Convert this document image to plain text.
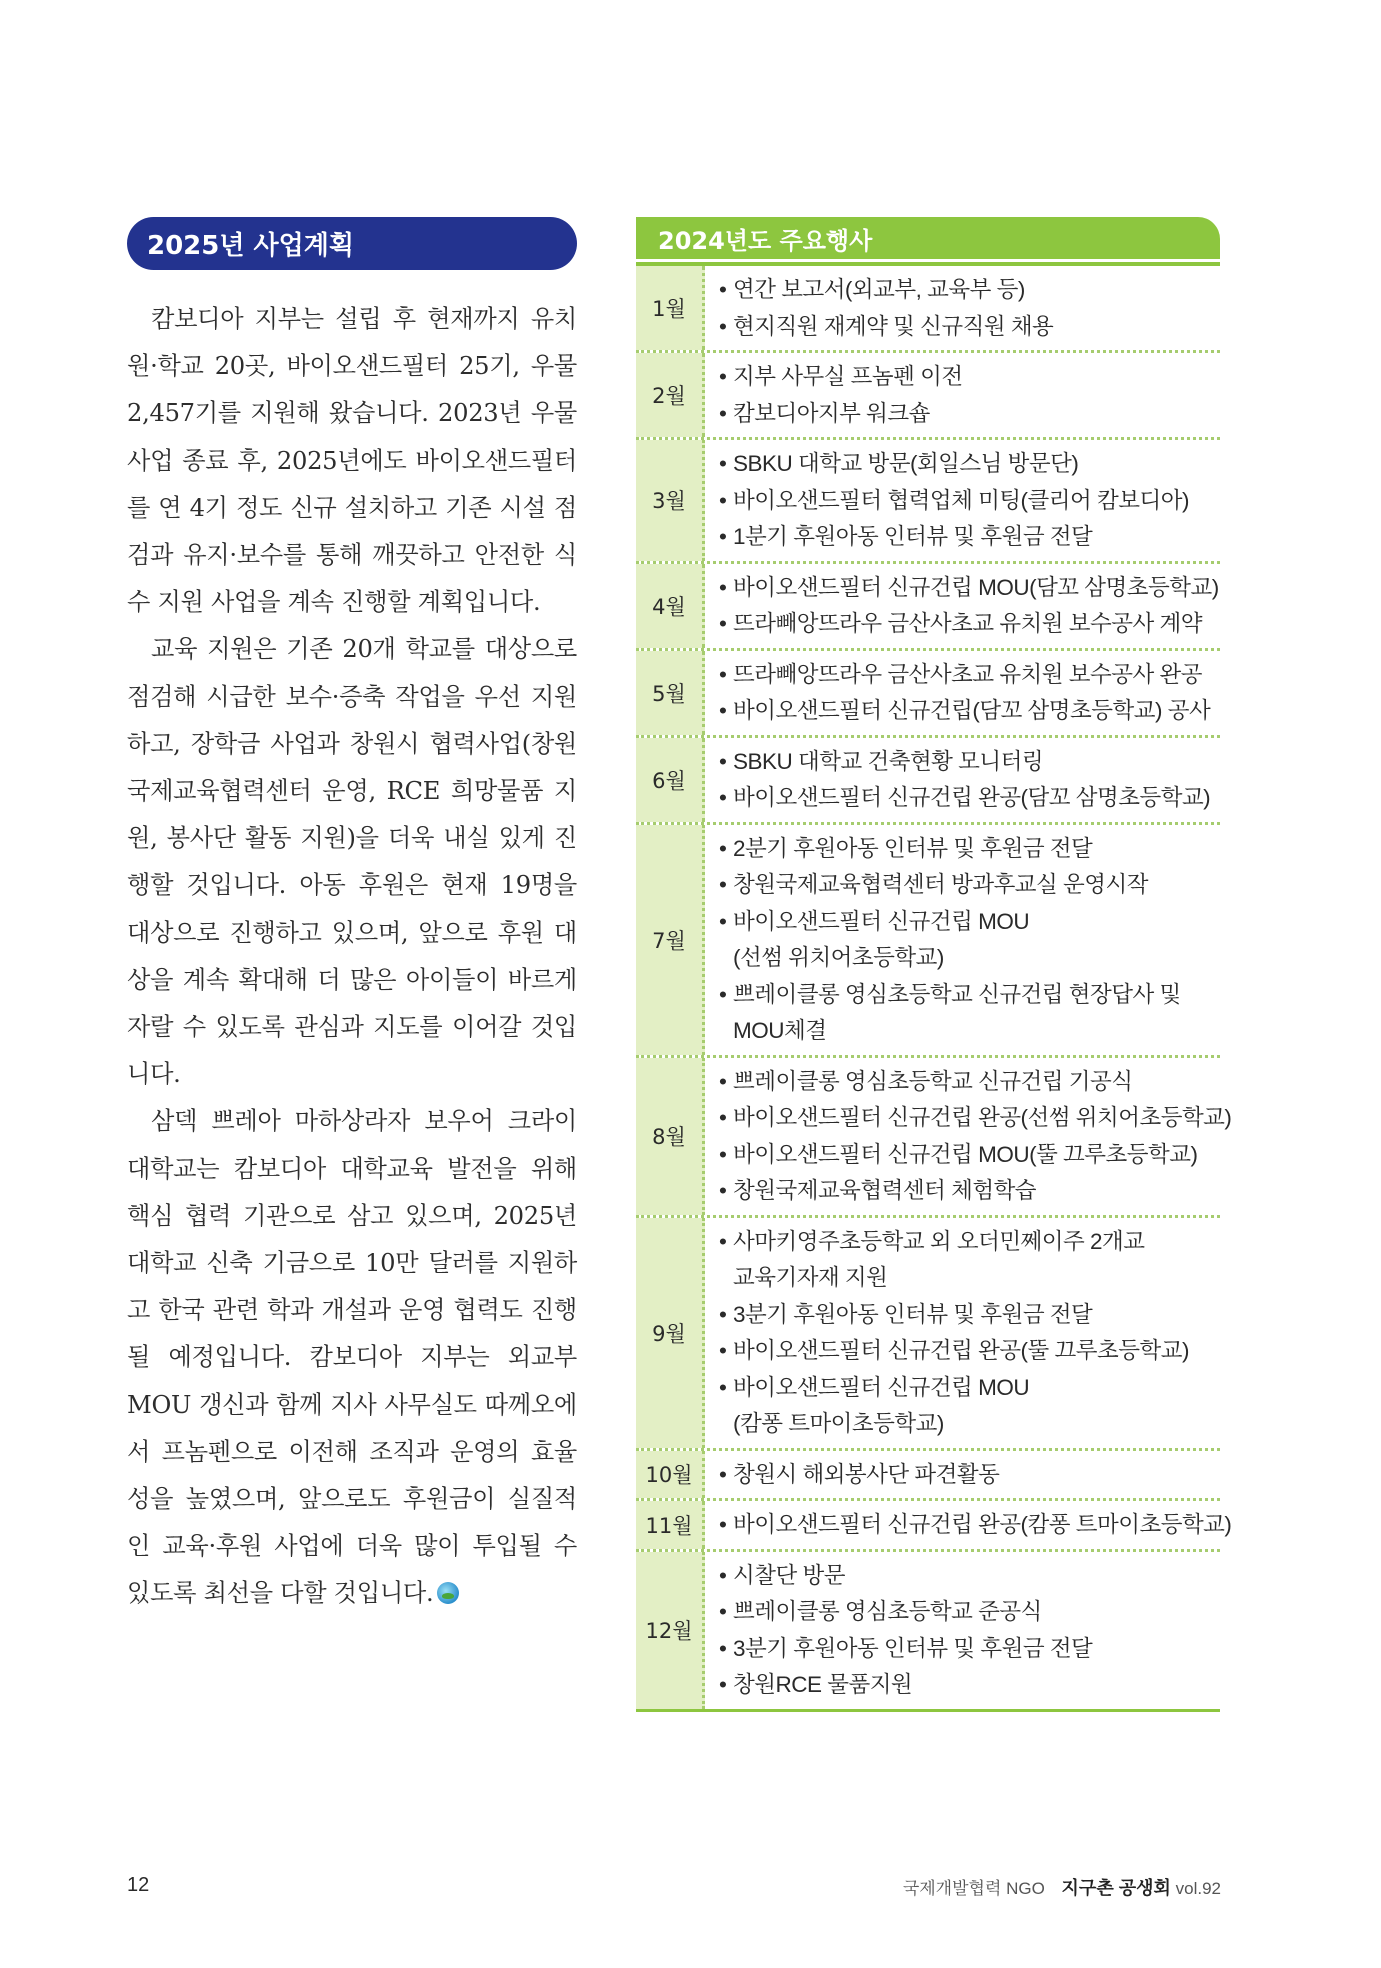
2025년 사업계획

캄보디아 지부는 설립 후 현재까지 유치원·학교 20곳, 바이오샌드필터 25기, 우물 2,457기를 지원해 왔습니다. 2023년 우물 사업 종료 후, 2025년에도 바이오샌드필터를 연 4기 정도 신규 설치하고 기존 시설 점검과 유지·보수를 통해 깨끗하고 안전한 식수 지원 사업을 계속 진행할 계획입니다.

교육 지원은 기존 20개 학교를 대상으로 점검해 시급한 보수·증축 작업을 우선 지원하고, 장학금 사업과 창원시 협력사업(창원국제교육협력센터 운영, RCE 희망물품 지원, 봉사단 활동 지원)을 더욱 내실 있게 진행할 것입니다. 아동 후원은 현재 19명을 대상으로 진행하고 있으며, 앞으로 후원 대상을 계속 확대해 더 많은 아이들이 바르게 자랄 수 있도록 관심과 지도를 이어갈 것입니다.

삼덱 쁘레아 마하상라자 보우어 크라이 대학교는 캄보디아 대학교육 발전을 위해 핵심 협력 기관으로 삼고 있으며, 2025년 대학교 신축 기금으로 10만 달러를 지원하고 한국 관련 학과 개설과 운영 협력도 진행될 예정입니다. 캄보디아 지부는 외교부 MOU 갱신과 함께 지사 사무실도 따께오에서 프놈펜으로 이전해 조직과 운영의 효율성을 높였으며, 앞으로도 후원금이 실질적인 교육·후원 사업에 더욱 많이 투입될 수 있도록 최선을 다할 것입니다.

2024년도 주요행사
1월
• 연간 보고서(외교부, 교육부 등)
• 현지직원 재계약 및 신규직원 채용
2월
• 지부 사무실 프놈펜 이전
• 캄보디아지부 워크숍
3월
• SBKU 대학교 방문(회일스님 방문단)
• 바이오샌드필터 협력업체 미팅(클리어 캄보디아)
• 1분기 후원아동 인터뷰 및 후원금 전달
4월
• 바이오샌드필터 신규건립 MOU(담꼬 삼명초등학교)
• 뜨라빼앙뜨라우 금산사초교 유치원 보수공사 계약
5월
• 뜨라빼앙뜨라우 금산사초교 유치원 보수공사 완공
• 바이오샌드필터 신규건립(담꼬 삼명초등학교) 공사
6월
• SBKU 대학교 건축현황 모니터링
• 바이오샌드필터 신규건립 완공(담꼬 삼명초등학교)
7월
• 2분기 후원아동 인터뷰 및 후원금 전달
• 창원국제교육협력센터 방과후교실 운영시작
• 바이오샌드필터 신규건립 MOU
(선썸 위치어초등학교)
• 쁘레이클롱 영심초등학교 신규건립 현장답사 및
MOU체결
8월
• 쁘레이클롱 영심초등학교 신규건립 기공식
• 바이오샌드필터 신규건립 완공(선썸 위치어초등학교)
• 바이오샌드필터 신규건립 MOU(뚤 끄루초등학교)
• 창원국제교육협력센터 체험학습
9월
• 사마키영주초등학교 외 오더민쩨이주 2개교
교육기자재 지원
• 3분기 후원아동 인터뷰 및 후원금 전달
• 바이오샌드필터 신규건립 완공(뚤 끄루초등학교)
• 바이오샌드필터 신규건립 MOU
(캄퐁 트마이초등학교)
10월	• 창원시 해외봉사단 파견활동
11월	• 바이오샌드필터 신규건립 완공(캄퐁 트마이초등학교)
12월
• 시찰단 방문
• 쁘레이클롱 영심초등학교 준공식
• 3분기 후원아동 인터뷰 및 후원금 전달
• 창원RCE 물품지원
12	국제개발협력 NGO 지구촌 공생회 vol.92
